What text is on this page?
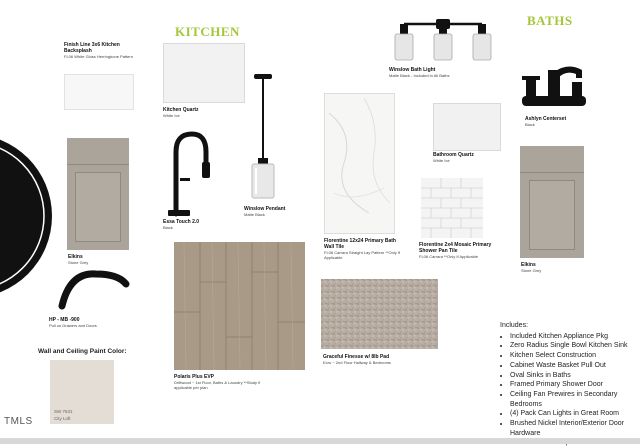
KITCHEN
BATHS
Finish Line 3x6 Kitchen Backsplash
FL06 White Gloss Herringbone Pattern
Kitchen Quartz
White Ice
Elkins
Stone Grey
Essa Touch 2.0
Black
Winslow Pendant
Matte Black
Florentine 12x24 Primary Bath Wall Tile
FL06 Carrara Straight Lay Pattern **Only If Applicable
Florentine 2x4 Mosaic Primary Shower Pan Tile
FL06 Carrara **Only If Applicable
Winslow Bath Light
Matte Black - Included in All Baths
Bathroom Quartz
White Ice
Ashlyn Centerset
Black
Elkins
Stone Grey
HP - MB -900
Pull on Drawers and Doors
Polaris Plus EVP
Driftwood ~ 1st Floor, Baths & Laundry **Study if applicable per plan
Graceful Finesse w/ 8lb Pad
Ecru ~ 2nd Floor Hallway & Bedrooms
Wall and Ceiling Paint Color:
SW 7631
City Loft
Includes:
• Included Kitchen Appliance Pkg
• Zero Radius Single Bowl Kitchen Sink
• Kitchen Select Construction
• Cabinet Waste Basket Pull Out
• Oval Sinks in Baths
• Framed Primary Shower Door
• Ceiling Fan Prewires in Secondary Bedrooms
• (4) Pack Can Lights in Great Room
• Brushed Nickel Interior/Exterior Door Hardware
•
TMLS
